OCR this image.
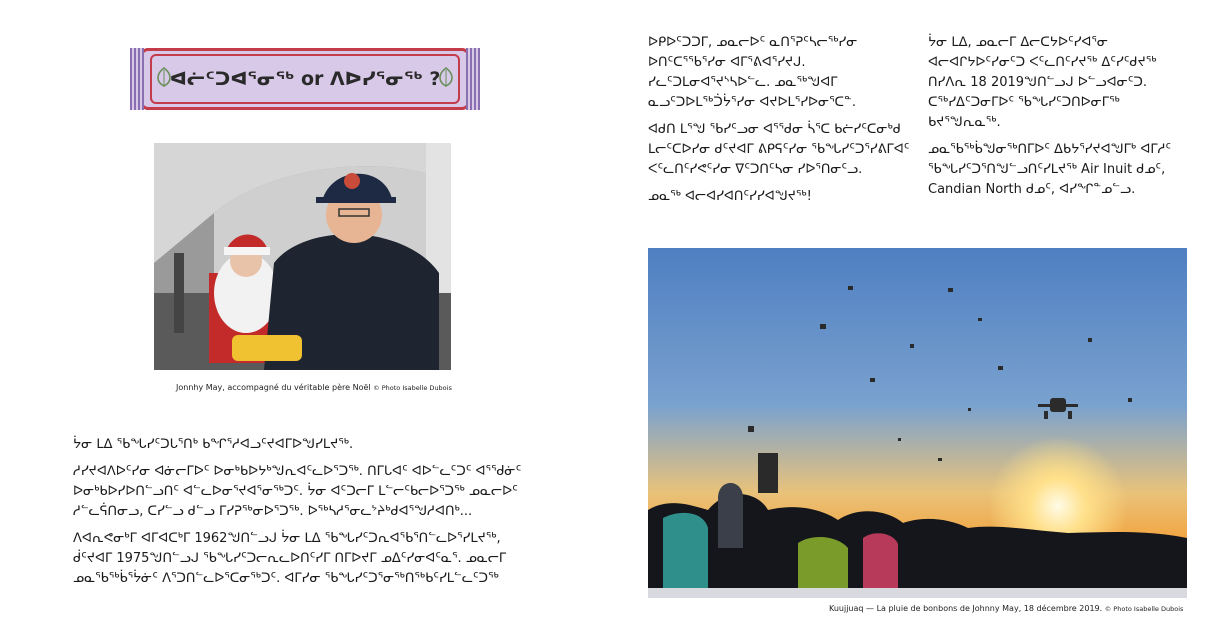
ᐊᓖᑦᑐᐊᕐᓂᖅ or ᐱᐅᓯᕐᓂᖅ ?
Jonnhy May, accompagné du véritable père Noël © Photo Isabelle Dubois

ᔮᓂ ᒪᐃ ᖃᖓᓯᑦᑐᒐᕐᑎᒃ ᑲᖏᕐᓱᐊᓗᑦᔪᐊᒥᐅᖑᓯᒪᔪᖅ.

ᓱᓯᔪᐊᐱᐅᑦᓯᓂ ᐊᓃᓕᒥᐅᑦ ᐅᓂᒃᑲᐅᔭᒃᖑᕆᐊᑦᓚᐅᕐᑐᖅ. ᑎᒥᒐᐊᑦ ᐊᐅᓪᓚᑦᑐᑦ ᐊᕐᖁᓃᑦ ᐅᓂᒃᑲᐅᓯᐅᑎᓪᓗᑎᑦ ᐊᓪᓚᐅᓂᕐᔪᐊᕐᓂᖅᑐᑦ. ᔮᓂ ᐊᑦᑐᓕᒥ ᒪᓪᓕᑦᑲᓕᐅᕐᑐᖅ ᓄᓇᓕᐅᑦ ᓱᓪᓚᕌᑎᓂᓗ, ᑕᓯᓪᓗ ᑯᓪᓗ ᒥᓯᕈᖅᓂᐅᕐᑐᖅ. ᐅᖅᓴᓱᕐᓂᓚᔾᔨᒃᑯᐊᕐᖑᓱᐊᑎᒃ...

ᐱᐊᕆᕙᓂᒃᒥ ᐊᒥᐊᑕᒃᒥ 1962ᖑᑎᓪᓗᒍ ᔮᓂ ᒪᐃ ᖃᖓᓯᑦᑐᕆᐊᖃᕐᑎᓪᓚᐅᕐᓯᒪᔪᖅ, ᑰᑦᔪᐊᒥ 1975ᖑᑎᓪᓗᒍ ᖃᖓᓯᑦᑐᓕᕆᓚᐅᑎᑦᓯᒥ ᑎᒥᐅᔪᒥ ᓄᐃᑦᓯᓂᐊᑦᓇᕐ. ᓄᓇᓕᒥ ᓄᓇᖃᖅᑳᕐᔮᓃᑦ ᐱᕐᑐᑎᓪᓚᐅᕐᑕᓂᖅᑐᑦ. ᐊᒥᓯᓂ ᖃᖓᓯᑦᑐᕐᓂᖅᑎᖅᑲᑦᓯᒪᓪᓚᑦᑐᖅ

ᐅᑭᐅᑦᑐᑐᒥ, ᓄᓇᓕᐅᑦ ᓇᑎᕐᕈᑦᓴᓕᖅᓯᓂ ᐅᑎᑦᑕᕐᖃᕐᓯᓂ ᐊᒥᕐᕕᐊᕐᓯᔪᒍ. ᓯᓚᑦᑐᒪᓂᐊᕐᔪᔅᓴᐅᓪᓚ. ᓄᓇᖅᖑᐊᒥ ᓇᓗᑦᑐᐅᒪᖅᑑᔮᕐᓯᓂ ᐊᔪᐅᒪᕐᓯᐅᓂᕐᑕᓐ.

ᐊᑯᑎ ᒪᕐᖑ ᖃᓯᑦᓗᓂ ᐊᕐᖁᓂ ᓵᕐᑕ ᑲᓖᓯᑦᑕᓂᒃᑯ ᒪᓕᑦᑕᐅᓯᓂ ᑯᑦᔪᐊᒥ ᕕᑭᕋᑦᓯᓂ ᖃᖓᓯᑦᑐᕐᓯᕕᒥᐊᑦ ᐸᑦᓚᑎᑦᓯᕙᑦᓯᓂ ᐁᑦᑐᑎᑦᓴᓂ ᓯᐅᕐᑎᓂᑦᓗ.

ᓄᓇᕐᒃ ᐊᓕᐊᓯᐊᑎᑦᓯᓯᐊᖑᔪᖅ!

ᔮᓂ ᒪᐃ, ᓄᓇᓕᒥ ᐃᓕᑕᔭᐅᑦᓯᐊᕐᓂ ᐊᓕᐊᒋᔭᐅᑦᓯᓂᑦᑐ ᐸᑦᓚᑎᑦᓯᔪᖅ ᐃᑦᓯᑦᑯᔪᖅ ᑎᓯᐱᕆ 18 2019ᖑᑎᓪᓗᒍ ᐅᓪᓗᐊᓂᑦᑐ. ᑕᖅᓯᐃᑦᑐᓂᒥᐅᑦ ᖃᖓᓯᑦᑐᑎᐅᓂᒥᖅ ᑲᔪᕐᖑᕆᓇᖅ.

ᓄᓇᖃᖅᑳᖑᓂᖅᑎᒥᐅᑦ ᐃᑲᔭᕐᓯᔪᐊᖑᒥᒃ ᐊᒥᓱᑦ ᖃᖓᓯᑦᑐᕐᑎᖑᓪᓗᑎᑦᓯᒪᔪᖅ Air Inuit ᑯᓄᑦ, Candian North ᑯᓄᑦ, ᐊᓯᖏᓐᓄᓪᓗ.

Kuujjuaq — La pluie de bonbons de Johnny May, 18 décembre 2019. © Photo Isabelle Dubois
